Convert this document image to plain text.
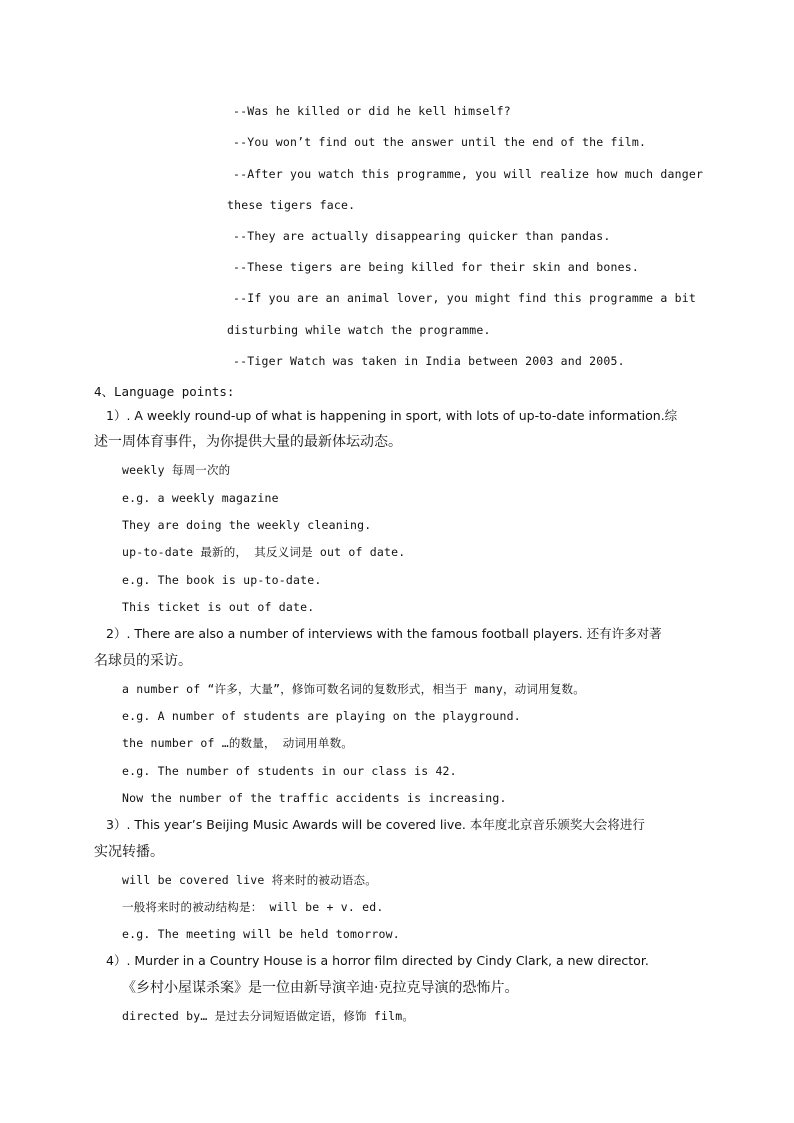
--Was he killed or did he kell himself?
--You won’t find out the answer until the end of the film.
--After you watch this programme, you will realize how much danger
these tigers face.
--They are actually disappearing quicker than pandas.
--These tigers are being killed for their skin and bones.
--If you are an animal lover, you might find this programme a bit
disturbing while watch the programme.
--Tiger Watch was taken in India between 2003 and 2005.
4、Language points:
1）. A weekly round-up of what is happening in sport, with lots of up-to-date information.综
述一周体育事件，为你提供大量的最新体坛动态。
weekly 每周一次的
e.g. a weekly magazine
They are doing the weekly cleaning.
up-to-date 最新的， 其反义词是 out of date.
e.g. The book is up-to-date.
This ticket is out of date.
2）. There are also a number of interviews with the famous football players. 还有许多对著
名球员的采访。
a number of “许多，大量”，修饰可数名词的复数形式，相当于 many，动词用复数。
e.g. A number of students are playing on the playground.
the number of …的数量， 动词用单数。
e.g. The number of students in our class is 42.
Now the number of the traffic accidents is increasing.
3）. This year’s Beijing Music Awards will be covered live. 本年度北京音乐颁奖大会将进行
实况转播。
will be covered live 将来时的被动语态。
一般将来时的被动结构是： will be + v. ed.
e.g. The meeting will be held tomorrow.
4）. Murder in a Country House is a horror film directed by Cindy Clark, a new director.
《乡村小屋谋杀案》是一位由新导演辛迪·克拉克导演的恐怖片。
directed by… 是过去分词短语做定语，修饰 film。
